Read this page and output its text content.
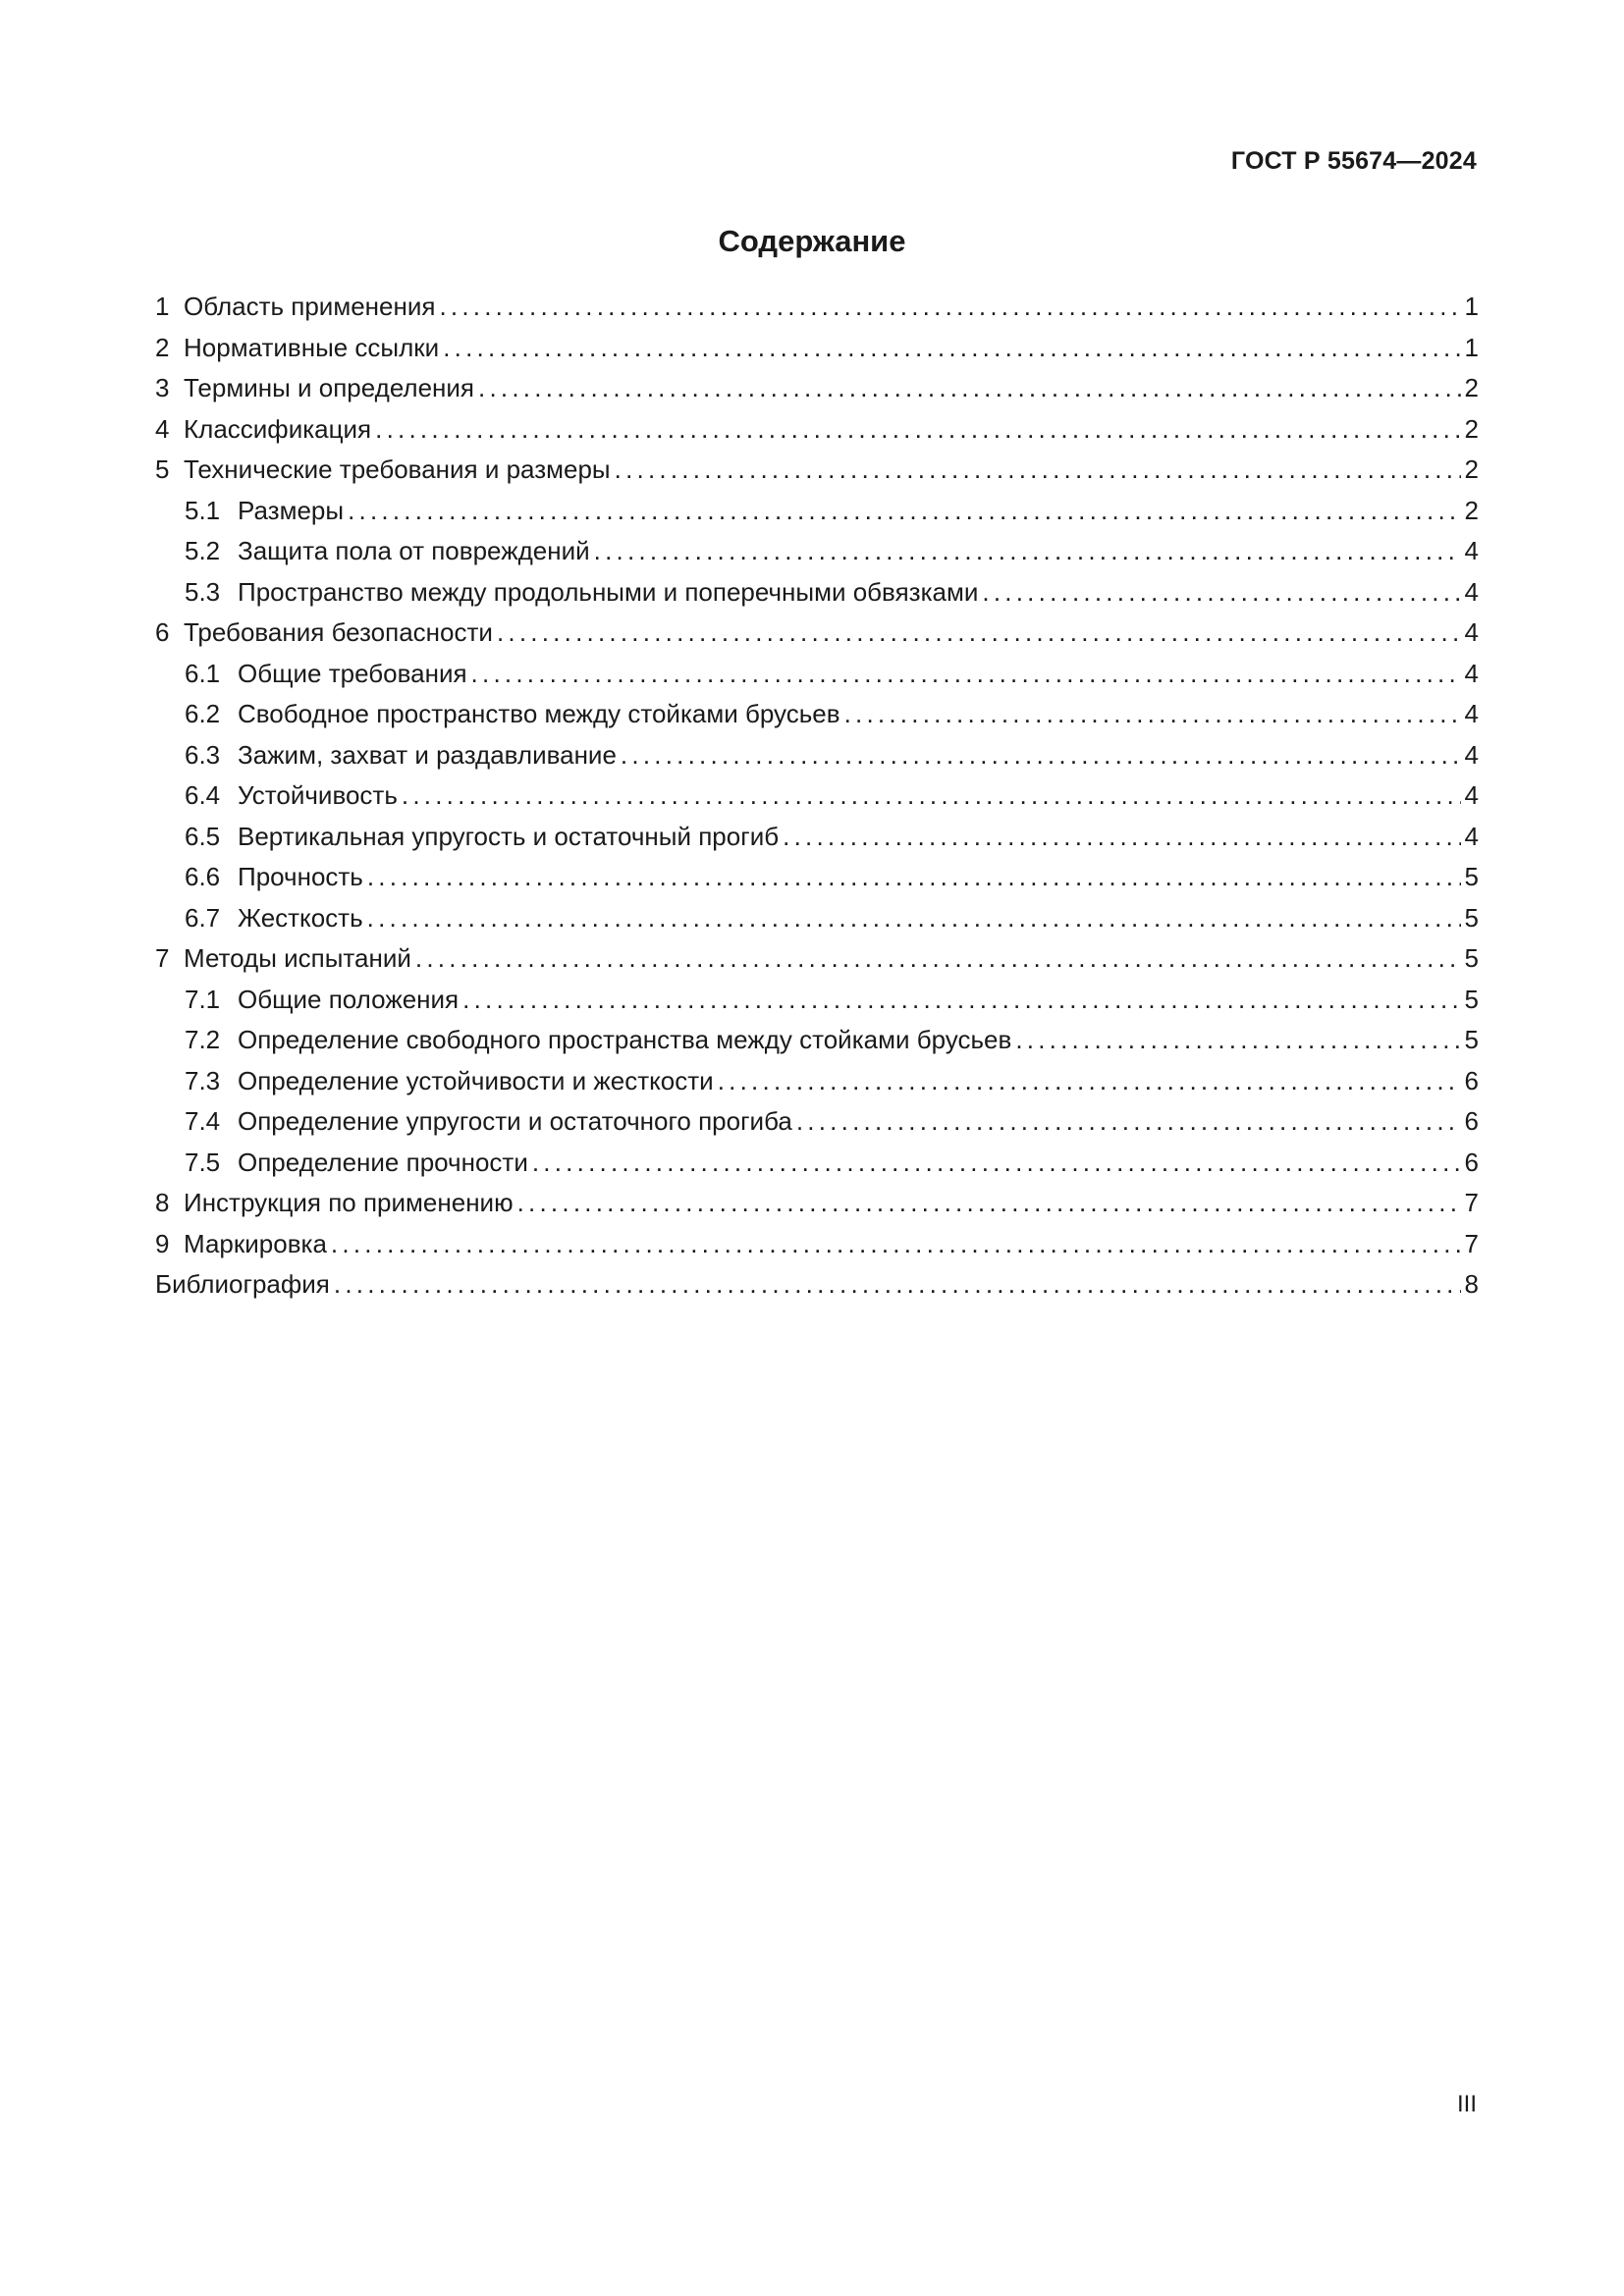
ГОСТ Р 55674—2024
Содержание
1 Область применения . . .	1
2 Нормативные ссылки . . .	1
3 Термины и определения . . .	2
4 Классификация . . .	2
5 Технические требования и размеры . . .	2
5.1 Размеры . . .	2
5.2 Защита пола от повреждений . . .	4
5.3 Пространство между продольными и поперечными обвязками . . .	4
6 Требования безопасности . . .	4
6.1 Общие требования . . .	4
6.2 Свободное пространство между стойками брусьев . . .	4
6.3 Зажим, захват и раздавливание . . .	4
6.4 Устойчивость . . .	4
6.5 Вертикальная упругость и остаточный прогиб . . .	4
6.6 Прочность . . .	5
6.7 Жесткость . . .	5
7 Методы испытаний . . .	5
7.1 Общие положения . . .	5
7.2 Определение свободного пространства между стойками брусьев . . .	5
7.3 Определение устойчивости и жесткости . . .	6
7.4 Определение упругости и остаточного прогиба . . .	6
7.5 Определение прочности . . .	6
8 Инструкция по применению . . .	7
9 Маркировка . . .	7
Библиография . . .	8
III
